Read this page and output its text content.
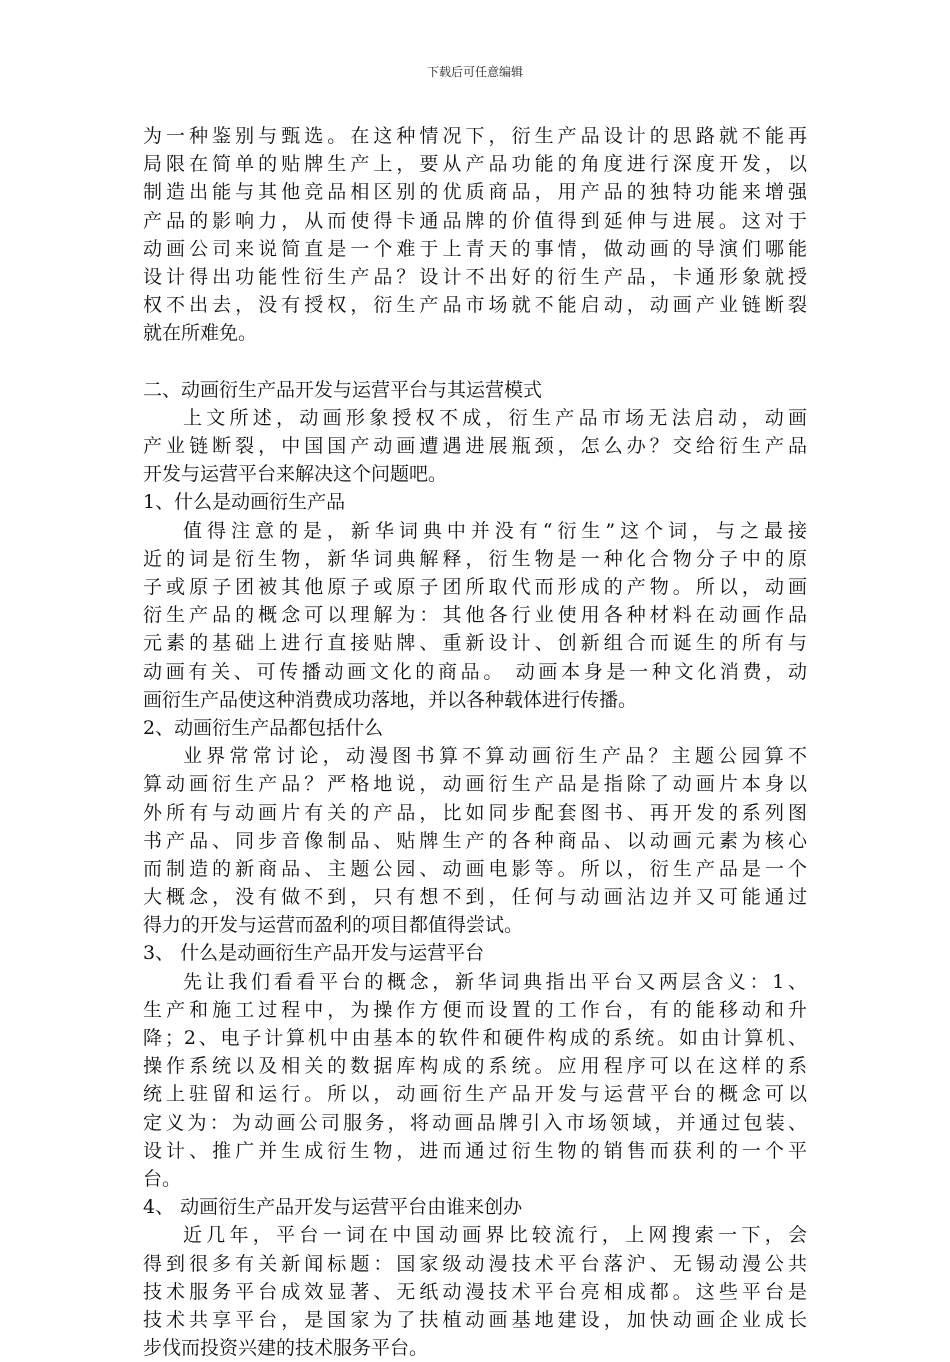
下载后可任意编辑
为一种鉴别与甄选。在这种情况下，衍生产品设计的思路就不能再
局限在简单的贴牌生产上，要从产品功能的角度进行深度开发，以
制造出能与其他竞品相区别的优质商品，用产品的独特功能来增强
产品的影响力，从而使得卡通品牌的价值得到延伸与进展。这对于
动画公司来说简直是一个难于上青天的事情，做动画的导演们哪能
设计得出功能性衍生产品？设计不出好的衍生产品，卡通形象就授
权不出去，没有授权，衍生产品市场就不能启动，动画产业链断裂
就在所难免。
二、动画衍生产品开发与运营平台与其运营模式
上文所述，动画形象授权不成，衍生产品市场无法启动，动画
产业链断裂，中国国产动画遭遇进展瓶颈，怎么办？交给衍生产品
开发与运营平台来解决这个问题吧。
1、什么是动画衍生产品
值得注意的是，新华词典中并没有“衍生”这个词，与之最接
近的词是衍生物，新华词典解释，衍生物是一种化合物分子中的原
子或原子团被其他原子或原子团所取代而形成的产物。所以，动画
衍生产品的概念可以理解为：其他各行业使用各种材料在动画作品
元素的基础上进行直接贴牌、重新设计、创新组合而诞生的所有与
动画有关、可传播动画文化的商品。 动画本身是一种文化消费，动
画衍生产品使这种消费成功落地，并以各种载体进行传播。
2、动画衍生产品都包括什么
业界常常讨论，动漫图书算不算动画衍生产品？主题公园算不
算动画衍生产品？严格地说，动画衍生产品是指除了动画片本身以
外所有与动画片有关的产品，比如同步配套图书、再开发的系列图
书产品、同步音像制品、贴牌生产的各种商品、以动画元素为核心
而制造的新商品、主题公园、动画电影等。所以，衍生产品是一个
大概念，没有做不到，只有想不到，任何与动画沾边并又可能通过
得力的开发与运营而盈利的项目都值得尝试。
3、 什么是动画衍生产品开发与运营平台
先让我们看看平台的概念，新华词典指出平台又两层含义：1、
生产和施工过程中，为操作方便而设置的工作台，有的能移动和升
降；2、电子计算机中由基本的软件和硬件构成的系统。如由计算机、
操作系统以及相关的数据库构成的系统。应用程序可以在这样的系
统上驻留和运行。所以，动画衍生产品开发与运营平台的概念可以
定义为：为动画公司服务，将动画品牌引入市场领域，并通过包装、
设计、推广并生成衍生物，进而通过衍生物的销售而获利的一个平
台。
4、 动画衍生产品开发与运营平台由谁来创办
近几年，平台一词在中国动画界比较流行，上网搜索一下，会
得到很多有关新闻标题：国家级动漫技术平台落沪、无锡动漫公共
技术服务平台成效显著、无纸动漫技术平台亮相成都。这些平台是
技术共享平台，是国家为了扶植动画基地建设，加快动画企业成长
步伐而投资兴建的技术服务平台。
